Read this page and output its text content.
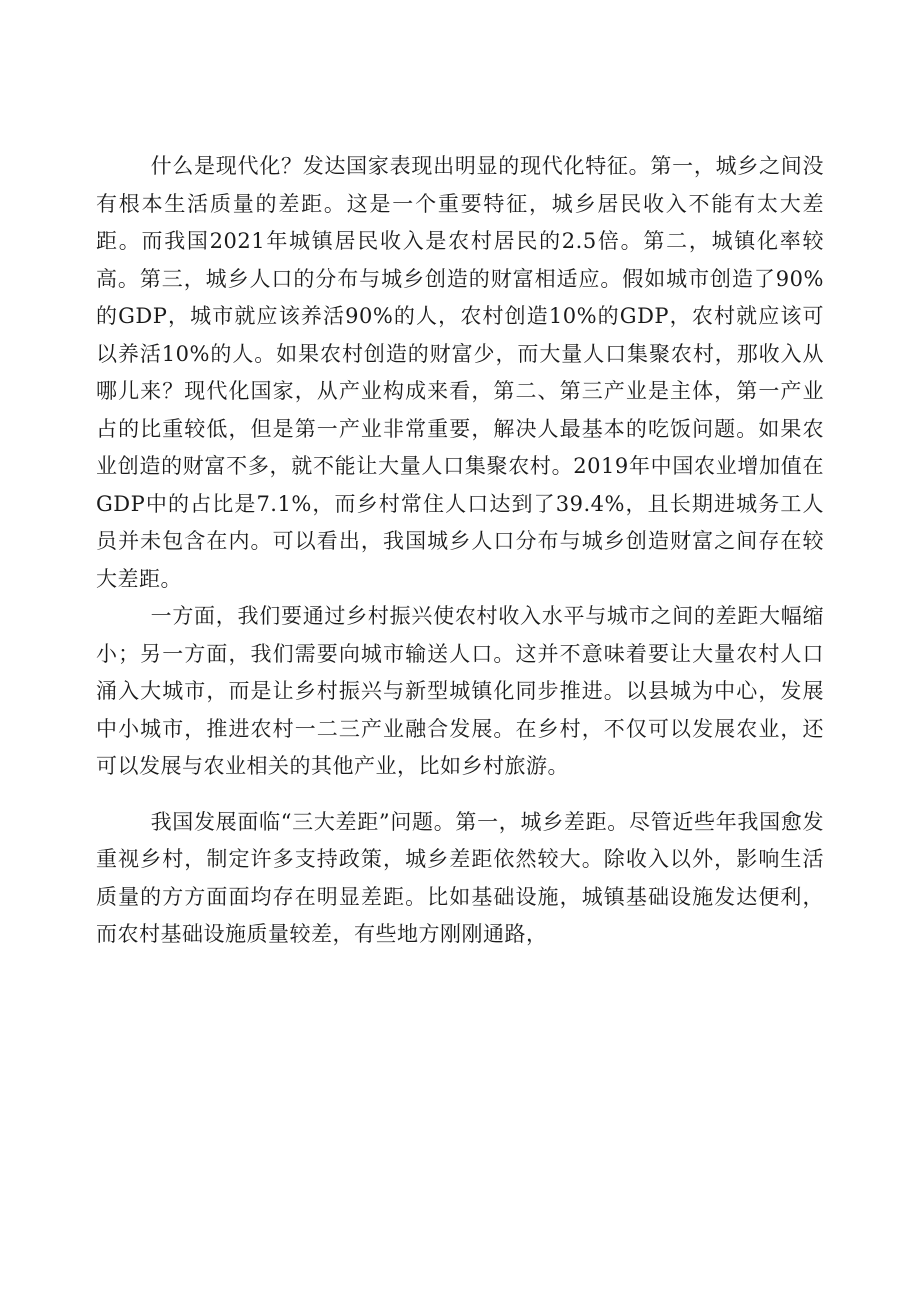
什么是现代化？发达国家表现出明显的现代化特征。第一，城乡之间没有根本生活质量的差距。这是一个重要特征，城乡居民收入不能有太大差距。而我国2021年城镇居民收入是农村居民的2.5倍。第二，城镇化率较高。第三，城乡人口的分布与城乡创造的财富相适应。假如城市创造了90%的GDP，城市就应该养活90%的人，农村创造10%的GDP，农村就应该可以养活10%的人。如果农村创造的财富少，而大量人口集聚农村，那收入从哪儿来？现代化国家，从产业构成来看，第二、第三产业是主体，第一产业占的比重较低，但是第一产业非常重要，解决人最基本的吃饭问题。如果农业创造的财富不多，就不能让大量人口集聚农村。2019年中国农业增加值在GDP中的占比是7.1%，而乡村常住人口达到了39.4%，且长期进城务工人员并未包含在内。可以看出，我国城乡人口分布与城乡创造财富之间存在较大差距。

一方面，我们要通过乡村振兴使农村收入水平与城市之间的差距大幅缩小；另一方面，我们需要向城市输送人口。这并不意味着要让大量农村人口涌入大城市，而是让乡村振兴与新型城镇化同步推进。以县城为中心，发展中小城市，推进农村一二三产业融合发展。在乡村，不仅可以发展农业，还可以发展与农业相关的其他产业，比如乡村旅游。

我国发展面临“三大差距”问题。第一，城乡差距。尽管近些年我国愈发重视乡村，制定许多支持政策，城乡差距依然较大。除收入以外，影响生活质量的方方面面均存在明显差距。比如基础设施，城镇基础设施发达便利，而农村基础设施质量较差，有些地方刚刚通路，
